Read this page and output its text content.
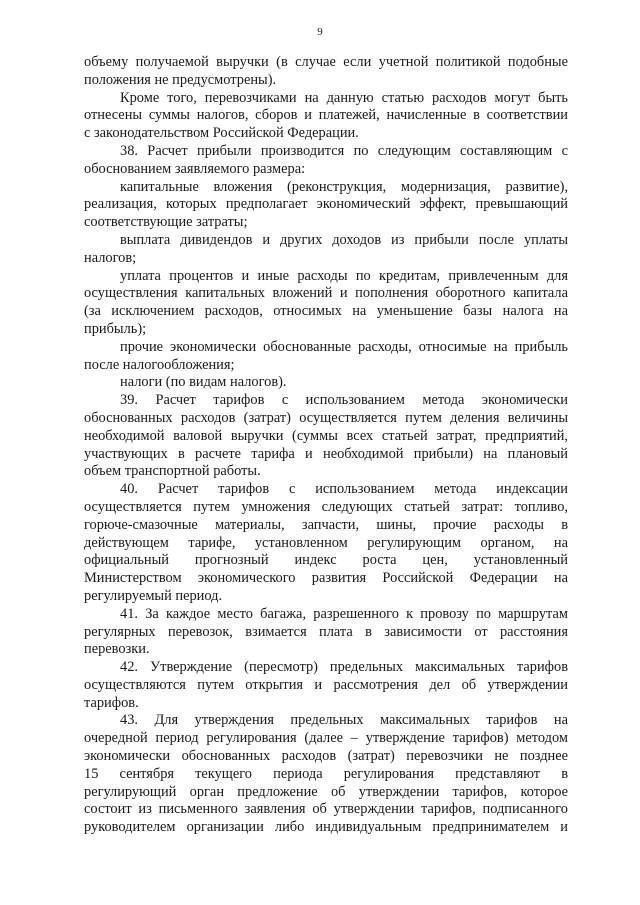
9
объему получаемой выручки (в случае если учетной политикой подобные
положения не предусмотрены).
Кроме того, перевозчиками на данную статью расходов могут быть
отнесены суммы налогов, сборов и платежей, начисленные в соответствии
с законодательством Российской Федерации.
38. Расчет прибыли производится по следующим составляющим с
обоснованием заявляемого размера:
капитальные вложения (реконструкция, модернизация, развитие),
реализация, которых предполагает экономический эффект, превышающий
соответствующие затраты;
выплата дивидендов и других доходов из прибыли после уплаты
налогов;
уплата процентов и иные расходы по кредитам, привлеченным для
осуществления капитальных вложений и пополнения оборотного капитала
(за исключением расходов, относимых на уменьшение базы налога на
прибыль);
прочие экономически обоснованные расходы, относимые на прибыль
после налогообложения;
налоги (по видам налогов).
39. Расчет тарифов с использованием метода экономически
обоснованных расходов (затрат) осуществляется путем деления величины
необходимой валовой выручки (суммы всех статьей затрат, предприятий,
участвующих в расчете тарифа и необходимой прибыли) на плановый
объем транспортной работы.
40. Расчет тарифов с использованием метода индексации
осуществляется путем умножения следующих статьей затрат: топливо,
горюче-смазочные материалы, запчасти, шины, прочие расходы в
действующем тарифе, установленном регулирующим органом, на
официальный прогнозный индекс роста цен, установленный
Министерством экономического развития Российской Федерации на
регулируемый период.
41. За каждое место багажа, разрешенного к провозу по маршрутам
регулярных перевозок, взимается плата в зависимости от расстояния
перевозки.
42. Утверждение (пересмотр) предельных максимальных тарифов
осуществляются путем открытия и рассмотрения дел об утверждении
тарифов.
43. Для утверждения предельных максимальных тарифов на
очередной период регулирования (далее – утверждение тарифов) методом
экономически обоснованных расходов (затрат) перевозчики не позднее
15 сентября текущего периода регулирования представляют в
регулирующий орган предложение об утверждении тарифов, которое
состоит из письменного заявления об утверждении тарифов, подписанного
руководителем организации либо индивидуальным предпринимателем и
